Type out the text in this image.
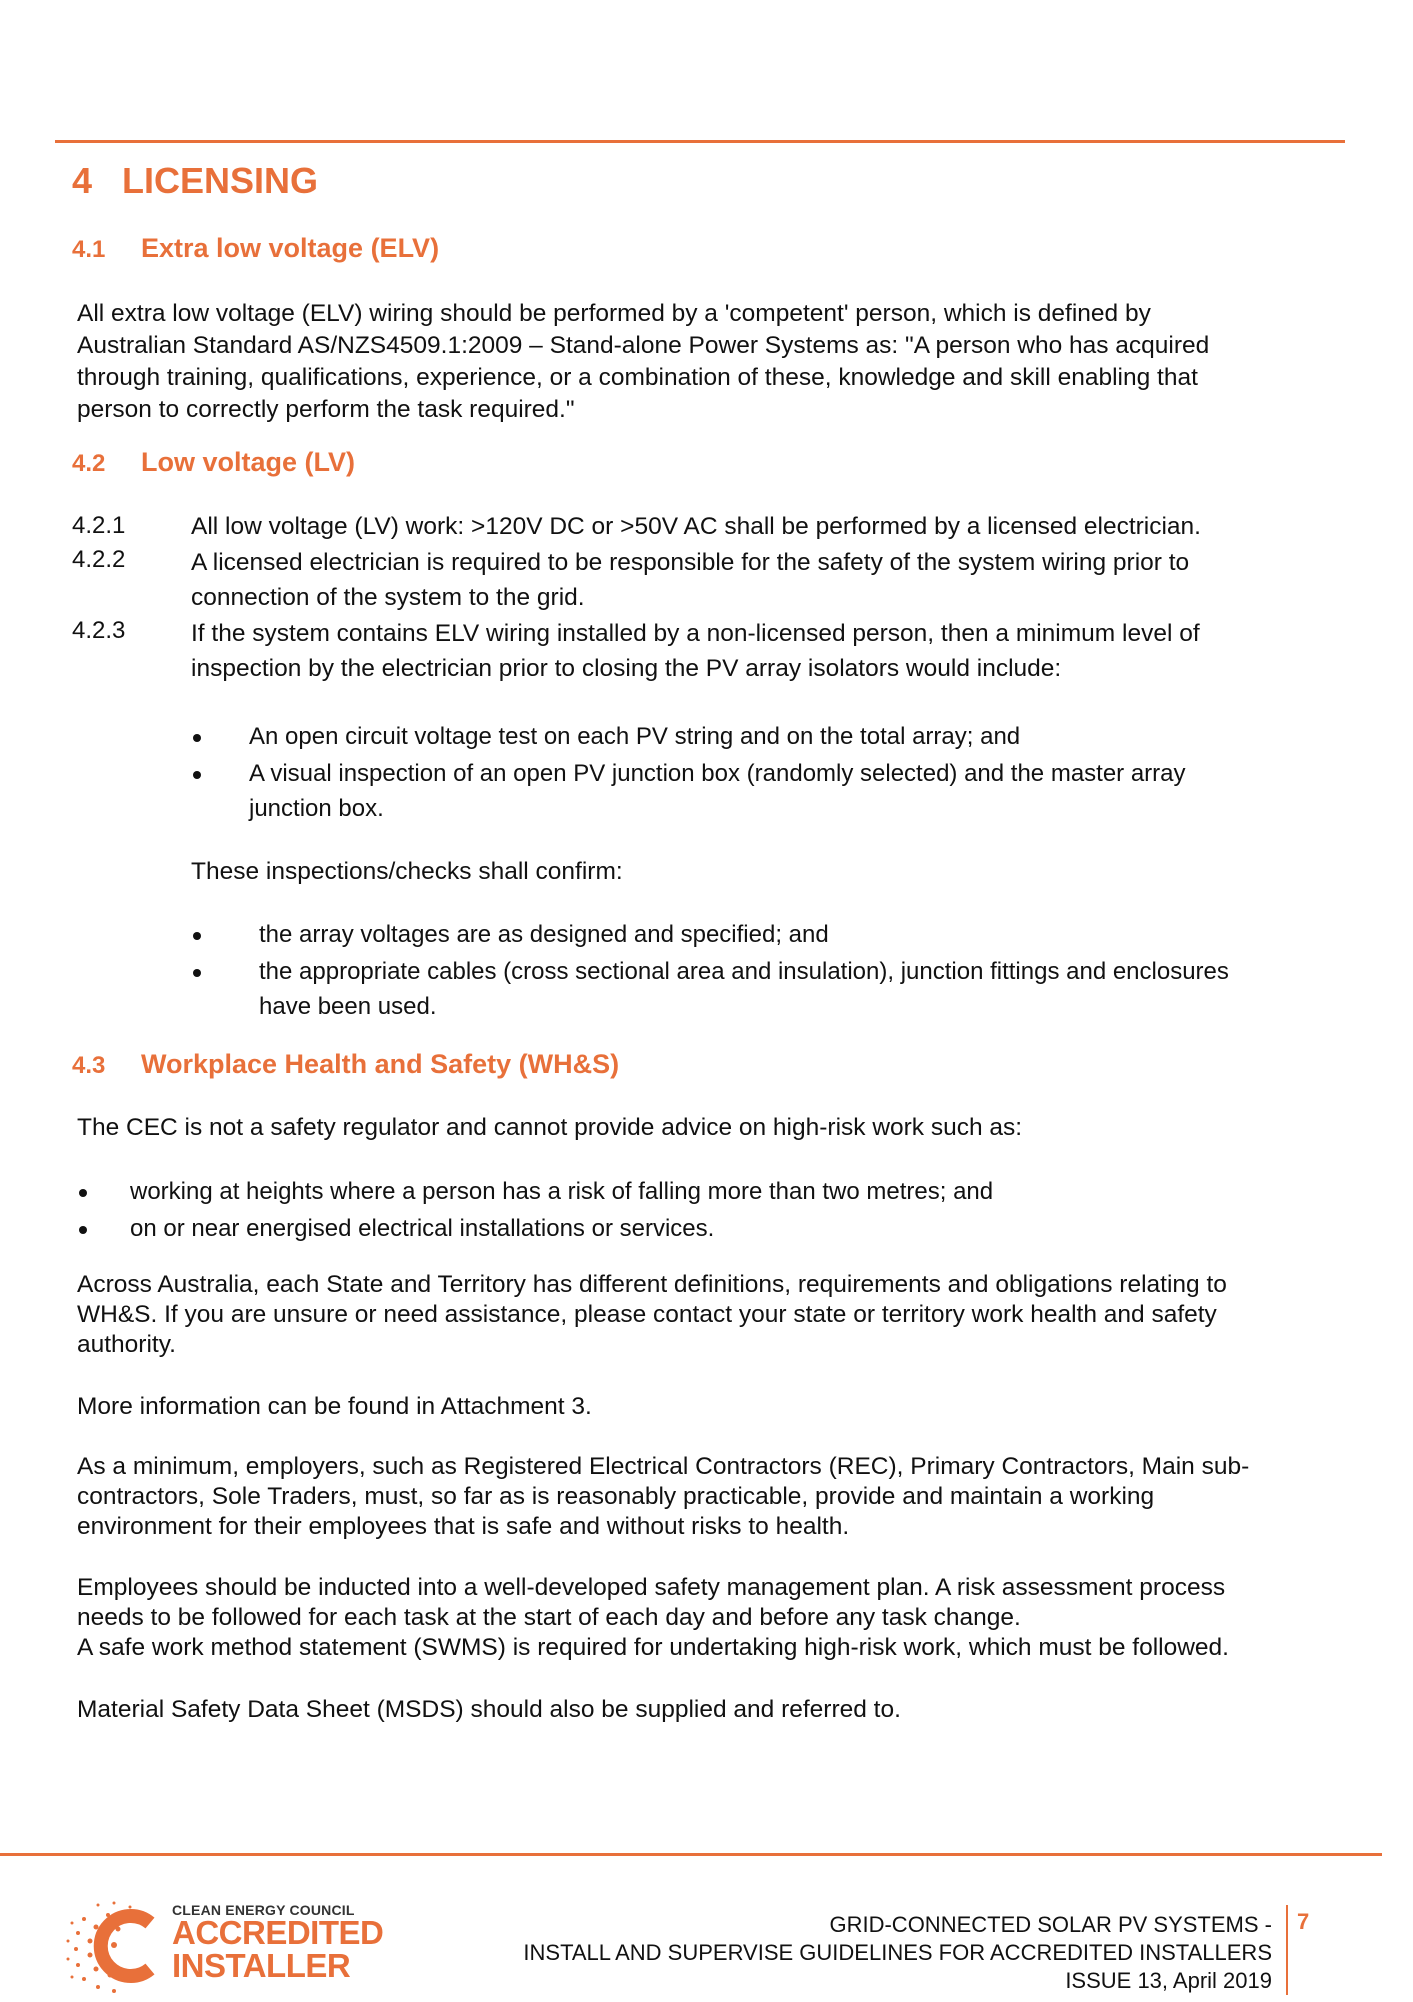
4 LICENSING
4.1 Extra low voltage (ELV)
All extra low voltage (ELV) wiring should be performed by a 'competent' person, which is defined by
Australian Standard AS/NZS4509.1:2009 – Stand-alone Power Systems as: "A person who has acquired
through training, qualifications, experience, or a combination of these, knowledge and skill enabling that
person to correctly perform the task required."
4.2 Low voltage (LV)
4.2.1	All low voltage (LV) work: >120V DC or >50V AC shall be performed by a licensed electrician.
4.2.2	A licensed electrician is required to be responsible for the safety of the system wiring prior to
connection of the system to the grid.
4.2.3	If the system contains ELV wiring installed by a non-licensed person, then a minimum level of
inspection by the electrician prior to closing the PV array isolators would include:
An open circuit voltage test on each PV string and on the total array; and
A visual inspection of an open PV junction box (randomly selected) and the master array
junction box.
These inspections/checks shall confirm:
the array voltages are as designed and specified; and
the appropriate cables (cross sectional area and insulation), junction fittings and enclosures
have been used.
4.3 Workplace Health and Safety (WH&S)
The CEC is not a safety regulator and cannot provide advice on high-risk work such as:
working at heights where a person has a risk of falling more than two metres; and
on or near energised electrical installations or services.
Across Australia, each State and Territory has different definitions, requirements and obligations relating to
WH&S. If you are unsure or need assistance, please contact your state or territory work health and safety
authority.
More information can be found in Attachment 3.
As a minimum, employers, such as Registered Electrical Contractors (REC), Primary Contractors, Main sub-
contractors, Sole Traders, must, so far as is reasonably practicable, provide and maintain a working
environment for their employees that is safe and without risks to health.
Employees should be inducted into a well-developed safety management plan. A risk assessment process
needs to be followed for each task at the start of each day and before any task change.
A safe work method statement (SWMS) is required for undertaking high-risk work, which must be followed.
Material Safety Data Sheet (MSDS) should also be supplied and referred to.
CLEAN ENERGY COUNCIL
ACCREDITED
INSTALLER
GRID-CONNECTED SOLAR PV SYSTEMS -
INSTALL AND SUPERVISE GUIDELINES FOR ACCREDITED INSTALLERS
ISSUE 13, April 2019
7
